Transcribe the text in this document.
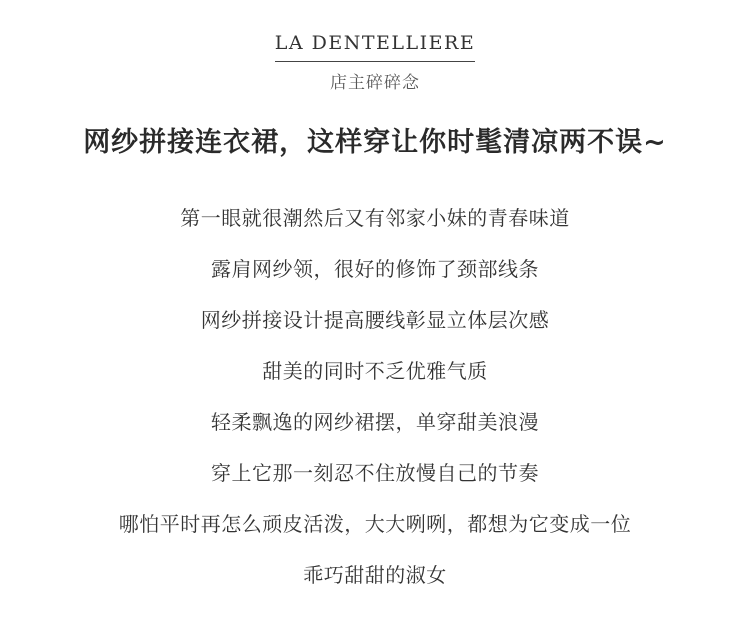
LA DENTELLIERE
店主碎碎念
网纱拼接连衣裙，这样穿让你时髦清凉两不误~
第一眼就很潮然后又有邻家小妹的青春味道
露肩网纱领，很好的修饰了颈部线条
网纱拼接设计提高腰线彰显立体层次感
甜美的同时不乏优雅气质
轻柔飘逸的网纱裙摆，单穿甜美浪漫
穿上它那一刻忍不住放慢自己的节奏
哪怕平时再怎么顽皮活泼，大大咧咧，都想为它变成一位
乖巧甜甜的淑女
